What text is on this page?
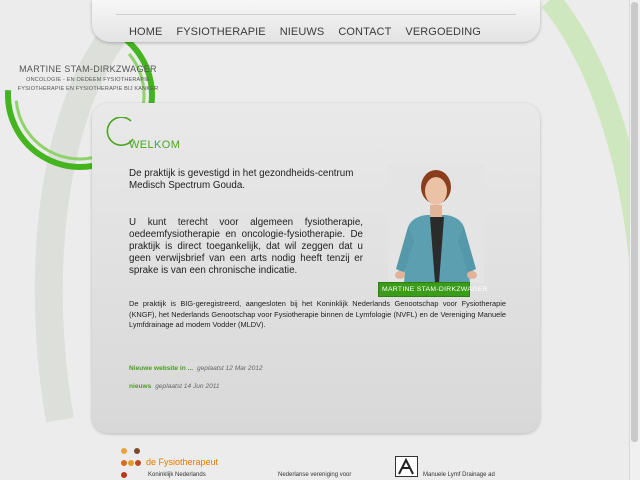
HOME FYSIOTHERAPIE NIEUWS CONTACT VERGOEDING
MARTINE STAM-DIRKZWAGER
ONCOLOGIE - EN OEDEEM FYSIOTHERAPIE
FYSIOTHERAPIE EN FYSIOTHERAPIE BIJ KANKER
WELKOM

De praktijk is gevestigd in het gezondheids-centrum Medisch Spectrum Gouda.

U kunt terecht voor algemeen fysiotherapie, oedeemfysiotherapie en oncologie-fysiotherapie. De praktijk is direct toegankelijk, dat wil zeggen dat u geen verwijsbrief van een arts nodig heeft tenzij er sprake is van een chronische indicatie.

MARTINE STAM-DIRKZWAGER

De praktijk is BIG-geregistreerd, aangesloten bij het Koninklijk Nederlands Genootschap voor Fysiotherapie (KNGF), het Nederlands Genootschap voor Fysiotherapie binnen de Lymfologie (NVFL) en de Vereniging Manuele Lymfdrainage ad modem Vodder (MLDV).

Nieuwe website in ... geplaatst 12 Mar 2012
nieuws geplaatst 14 Jun 2011
de Fysiotherapeut
Koninklijk Nederlands	Nederlanse vereniging voor	Manuele Lymf Drainage ad
